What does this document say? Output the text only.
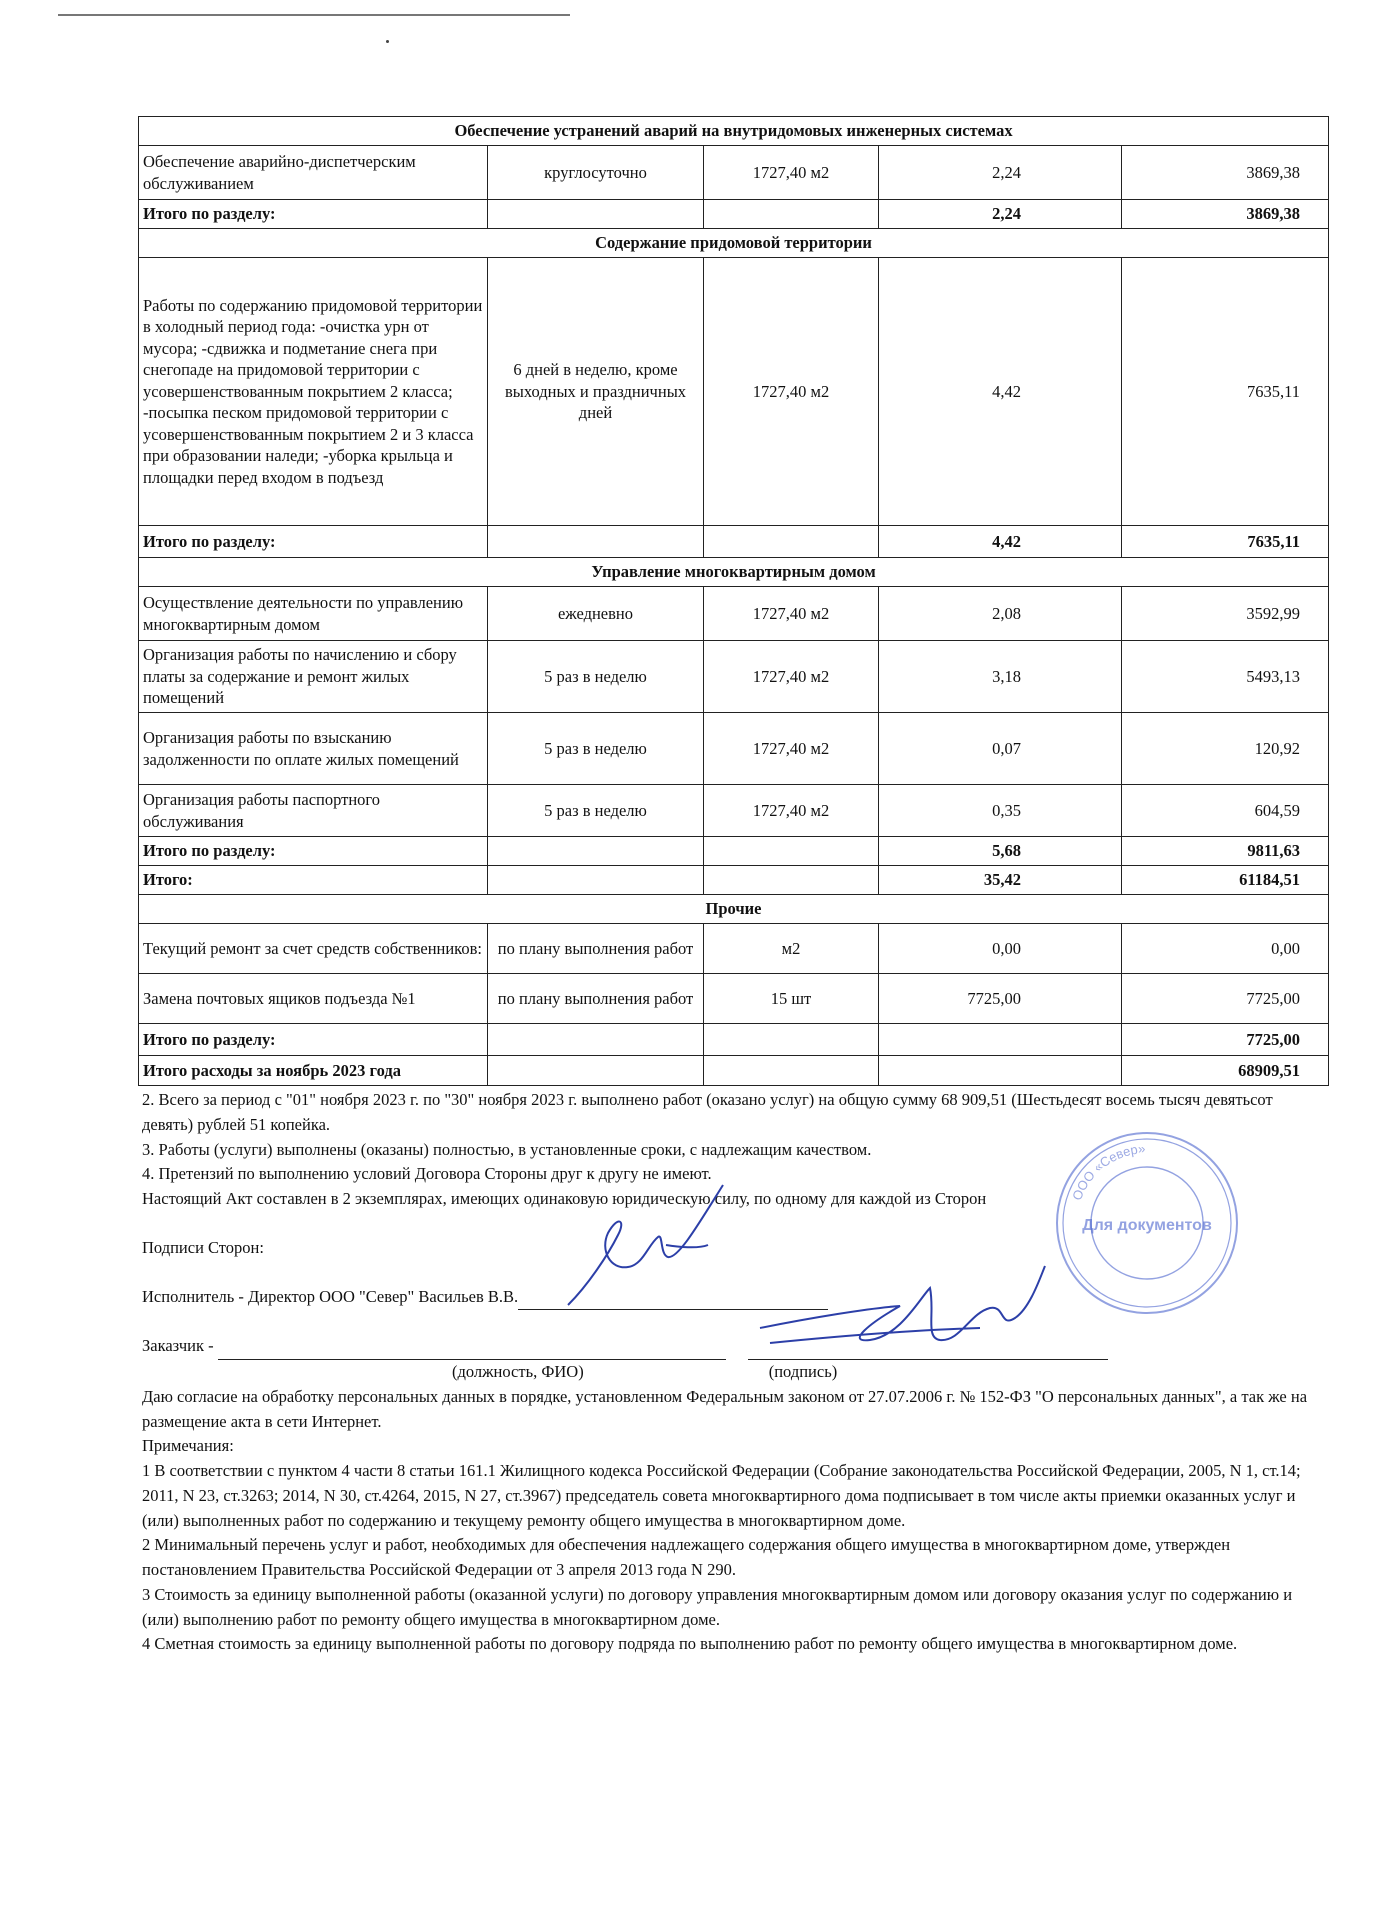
Обеспечение устранений аварий на внутридомовых инженерных системах				
Обеспечение аварийно-диспетчерским обслуживанием	круглосуточно	1727,40 м2	2,24	3869,38
Итого по разделу:			2,24	3869,38
Содержание придомовой территории				
Работы по содержанию придомовой территории в холодный период года: -очистка урн от мусора; -сдвижка и подметание снега при снегопаде на придомовой территории с усовершенствованным покрытием 2 класса; -посыпка песком придомовой территории с усовершенствованным покрытием 2 и 3 класса при образовании наледи; -уборка крыльца и площадки перед входом в подъезд	6 дней в неделю, кроме выходных и праздничных дней	1727,40 м2	4,42	7635,11
Итого по разделу:			4,42	7635,11
Управление многоквартирным домом				
Осуществление деятельности по управлению многоквартирным домом	ежедневно	1727,40 м2	2,08	3592,99
Организация работы по начислению и сбору платы за содержание и ремонт жилых помещений	5 раз в неделю	1727,40 м2	3,18	5493,13
Организация работы по взысканию задолженности по оплате жилых помещений	5 раз в неделю	1727,40 м2	0,07	120,92
Организация работы паспортного обслуживания	5 раз в неделю	1727,40 м2	0,35	604,59
Итого по разделу:			5,68	9811,63
Итого:			35,42	61184,51
Прочие				
Текущий ремонт за счет средств собственников:	по плану выполнения работ	м2	0,00	0,00
Замена почтовых ящиков подъезда №1	по плану выполнения работ	15 шт	7725,00	7725,00
Итого по разделу:				7725,00
Итого расходы за ноябрь 2023 года				68909,51

2. Всего за период с "01" ноября 2023 г. по "30" ноября 2023 г. выполнено работ (оказано услуг) на общую сумму 68 909,51 (Шестьдесят восемь тысяч девятьсот девять) рублей 51 копейка.

3. Работы (услуги) выполнены (оказаны) полностью, в установленные сроки, с надлежащим качеством.

4. Претензий по выполнению условий Договора Стороны друг к другу не имеют.

Настоящий Акт составлен в 2 экземплярах, имеющих одинаковую юридическую силу, по одному для каждой из Сторон

Подписи Сторон:

Исполнитель - Директор ООО "Север" Васильев В.В.

Заказчик -

(должность, ФИО)	(подпись)

Даю согласие на обработку персональных данных в порядке, установленном Федеральным законом от 27.07.2006 г. № 152-ФЗ "О персональных данных", а так же на размещение акта в сети Интернет.

Примечания:

1 В соответствии с пунктом 4 части 8 статьи 161.1 Жилищного кодекса Российской Федерации (Собрание законодательства Российской Федерации, 2005, N 1, ст.14; 2011, N 23, ст.3263; 2014, N 30, ст.4264, 2015, N 27, ст.3967) председатель совета многоквартирного дома подписывает в том числе акты приемки оказанных услуг и (или) выполненных работ по содержанию и текущему ремонту общего имущества в многоквартирном доме.

2 Минимальный перечень услуг и работ, необходимых для обеспечения надлежащего содержания общего имущества в многоквартирном доме, утвержден постановлением Правительства Российской Федерации от 3 апреля 2013 года N 290.

3 Стоимость за единицу выполненной работы (оказанной услуги) по договору управления многоквартирным домом или договору оказания услуг по содержанию и (или) выполнению работ по ремонту общего имущества в многоквартирном доме.

4 Сметная стоимость за единицу выполненной работы по договору подряда по выполнению работ по ремонту общего имущества в многоквартирном доме.

ООО «Север»
Для документов
